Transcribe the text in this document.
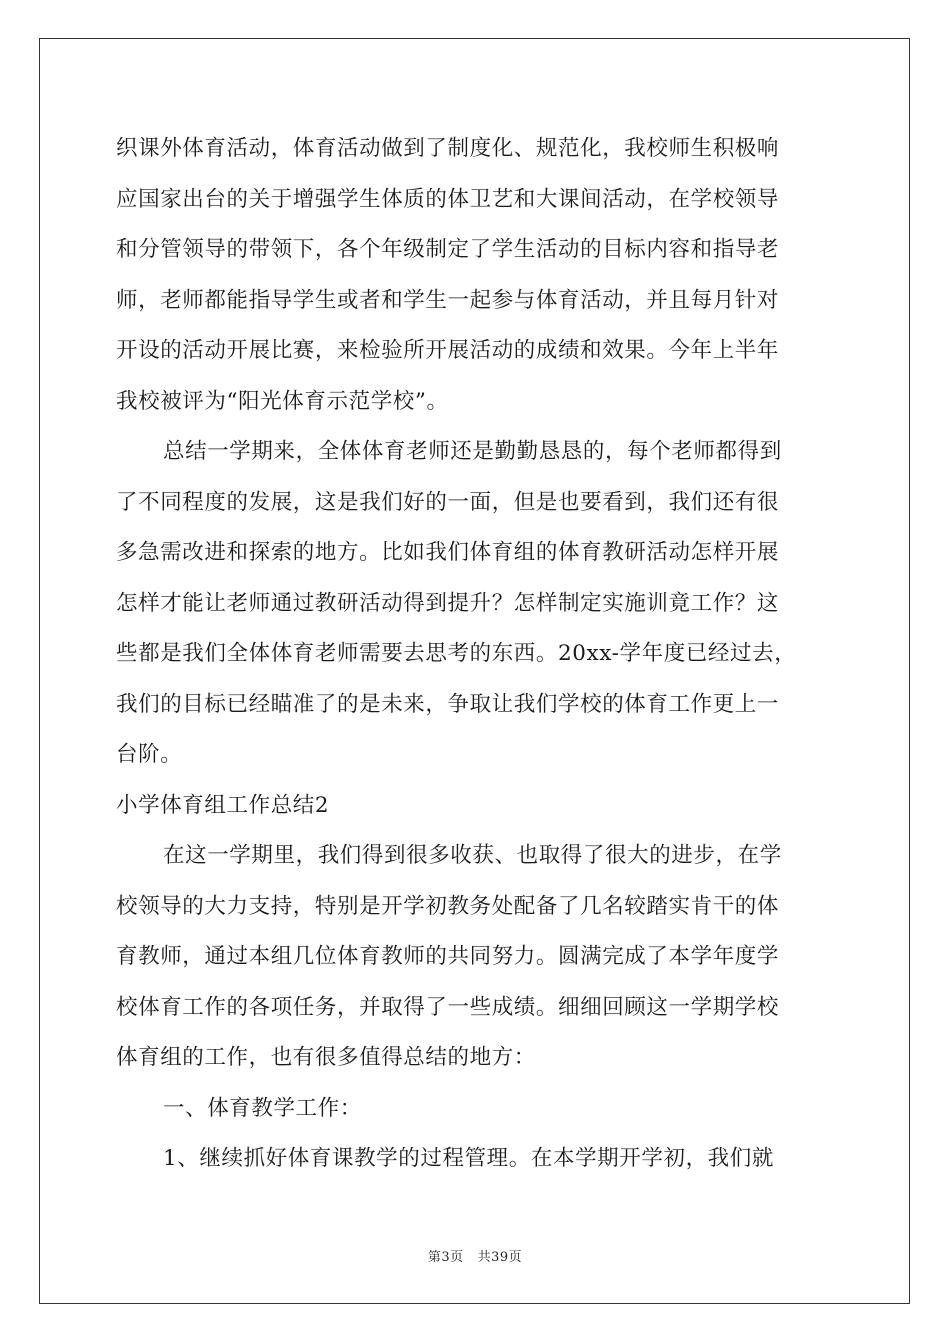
织课外体育活动，体育活动做到了制度化、规范化，我校师生积极响
应国家出台的关于增强学生体质的体卫艺和大课间活动，在学校领导
和分管领导的带领下，各个年级制定了学生活动的目标内容和指导老
师，老师都能指导学生或者和学生一起参与体育活动，并且每月针对
开设的活动开展比赛，来检验所开展活动的成绩和效果。今年上半年
我校被评为“阳光体育示范学校”。
总结一学期来，全体体育老师还是勤勤恳恳的，每个老师都得到
了不同程度的发展，这是我们好的一面，但是也要看到，我们还有很
多急需改进和探索的地方。比如我们体育组的体育教研活动怎样开展
怎样才能让老师通过教研活动得到提升？怎样制定实施训竟工作？这
些都是我们全体体育老师需要去思考的东西。20xx-学年度已经过去，
我们的目标已经瞄准了的是未来，争取让我们学校的体育工作更上一
台阶。
小学体育组工作总结2
在这一学期里，我们得到很多收获、也取得了很大的进步，在学
校领导的大力支持，特别是开学初教务处配备了几名较踏实肯干的体
育教师，通过本组几位体育教师的共同努力。圆满完成了本学年度学
校体育工作的各项任务，并取得了一些成绩。细细回顾这一学期学校
体育组的工作，也有很多值得总结的地方：
一、体育教学工作：
1、继续抓好体育课教学的过程管理。在本学期开学初，我们就
第3页 共39页
